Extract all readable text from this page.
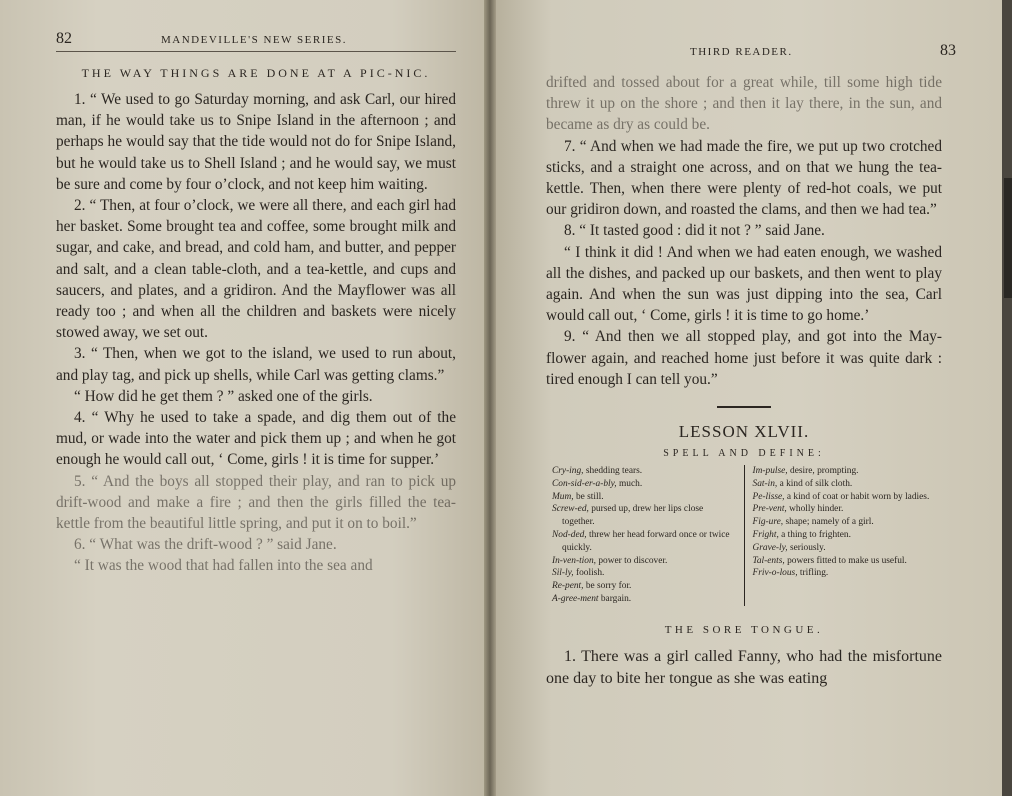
82	MANDEVILLE'S NEW SERIES.
THE WAY THINGS ARE DONE AT A PIC-NIC.

1. “ We used to go Saturday morning, and ask Carl, our hired man, if he would take us to Snipe Island in the afternoon ; and perhaps he would say that the tide would not do for Snipe Island, but he would take us to Shell Island ; and he would say, we must be sure and come by four o’clock, and not keep him waiting.

2. “ Then, at four o’clock, we were all there, and each girl had her basket. Some brought tea and coffee, some brought milk and sugar, and cake, and bread, and cold ham, and butter, and pepper and salt, and a clean table-cloth, and a tea-kettle, and cups and saucers, and plates, and a gridiron. And the Mayflower was all ready too ; and when all the children and baskets were nicely stowed away, we set out.

3. “ Then, when we got to the island, we used to run about, and play tag, and pick up shells, while Carl was getting clams.”

“ How did he get them ? ” asked one of the girls.

4. “ Why he used to take a spade, and dig them out of the mud, or wade into the water and pick them up ; and when he got enough he would call out, ‘ Come, girls ! it is time for supper.’

5. “ And the boys all stopped their play, and ran to pick up drift-wood and make a fire ; and then the girls filled the tea-kettle from the beautiful little spring, and put it on to boil.”

6. “ What was the drift-wood ? ” said Jane.

“ It was the wood that had fallen into the sea and

drifted and tossed about for a great while, till some high tide threw it up on the shore ; and then it lay there, in the sun, and became as dry as could be.

7. “ And when we had made the fire, we put up two crotched sticks, and a straight one across, and on that we hung the tea-kettle. Then, when there were plenty of red-hot coals, we put our gridiron down, and roasted the clams, and then we had tea.”

8. “ It tasted good : did it not ? ” said Jane.

“ I think it did ! And when we had eaten enough, we washed all the dishes, and packed up our baskets, and then went to play again. And when the sun was just dipping into the sea, Carl would call out, ‘ Come, girls ! it is time to go home.’

9. “ And then we all stopped play, and got into the May-flower again, and reached home just before it was quite dark : tired enough I can tell you.”

LESSON XLVII.
SPELL AND DEFINE:

Cry-ing, shedding tears.

Con-sid-er-a-bly, much.

Mum, be still.

Screw-ed, pursed up, drew her lips close together.

Nod-ded, threw her head forward once or twice quickly.

In-ven-tion, power to discover.

Sil-ly, foolish.

Re-pent, be sorry for.

A-gree-ment bargain.

Im-pulse, desire, prompting.

Sat-in, a kind of silk cloth.

Pe-lisse, a kind of coat or habit worn by ladies.

Pre-vent, wholly hinder.

Fig-ure, shape; namely of a girl.

Fright, a thing to frighten.

Grave-ly, seriously.

Tal-ents, powers fitted to make us useful.

Friv-o-lous, trifling.

THE SORE TONGUE.

1. There was a girl called Fanny, who had the misfortune one day to bite her tongue as she was eating

THIRD READER.	83
